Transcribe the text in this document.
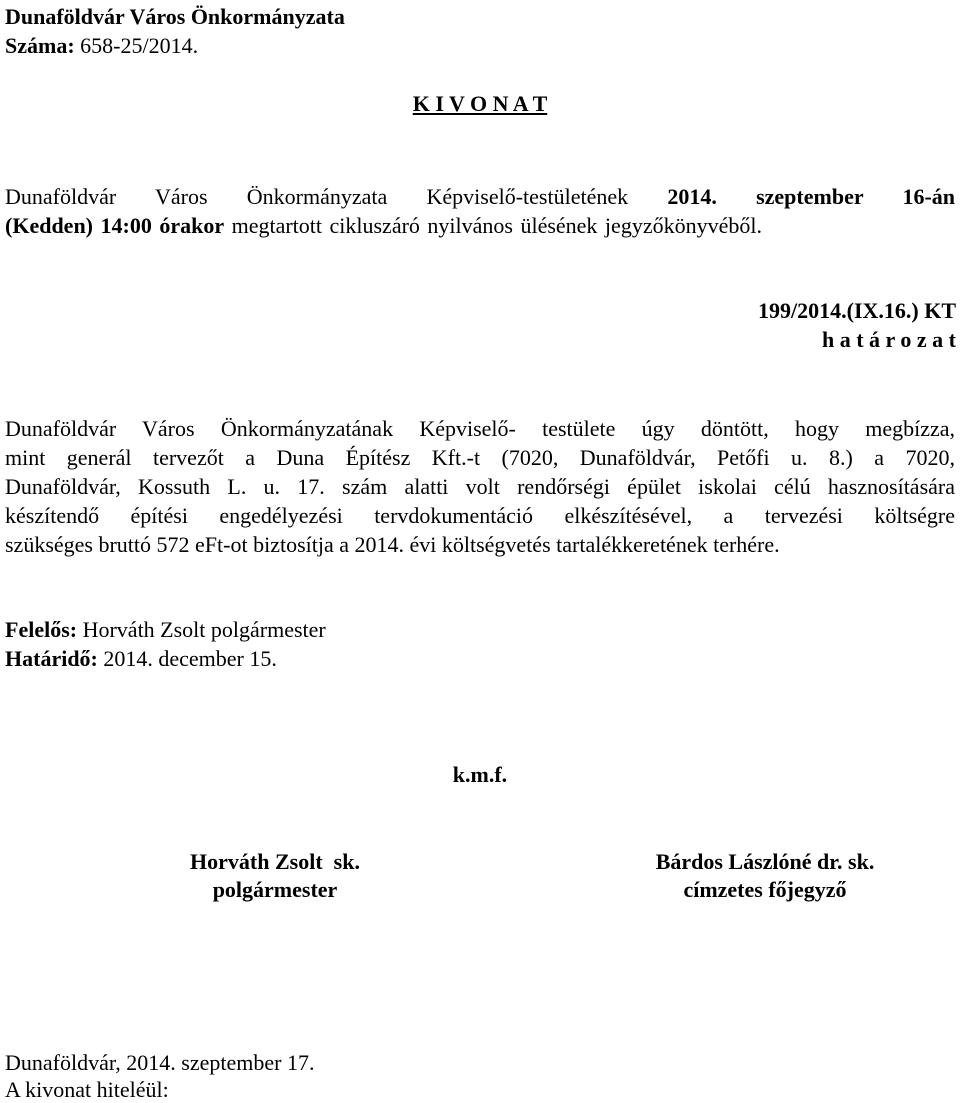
Dunaföldvár Város Önkormányzata
Száma: 658-25/2014.
K I V O N A T
Dunaföldvár Város Önkormányzata Képviselő-testületének 2014. szeptember 16-án
(Kedden) 14:00 órakor megtartott cikluszáró nyilvános ülésének jegyzőkönyvéből.
199/2014.(IX.16.) KT
h a t á r o z a t
Dunaföldvár Város Önkormányzatának Képviselő- testülete úgy döntött, hogy megbízza,
mint generál tervezőt a Duna Építész Kft.-t (7020, Dunaföldvár, Petőfi u. 8.) a 7020,
Dunaföldvár, Kossuth L. u. 17. szám alatti volt rendőrségi épület iskolai célú hasznosítására
készítendő építési engedélyezési tervdokumentáció elkészítésével, a tervezési költségre
szükséges bruttó 572 eFt-ot biztosítja a 2014. évi költségvetés tartalékkeretének terhére.
Felelős: Horváth Zsolt polgármester
Határidő: 2014. december 15.
k.m.f.
Horváth Zsolt  sk.
polgármester
Bárdos Lászlóné dr. sk.
címzetes főjegyző
Dunaföldvár, 2014. szeptember 17.
A kivonat hiteléül:
